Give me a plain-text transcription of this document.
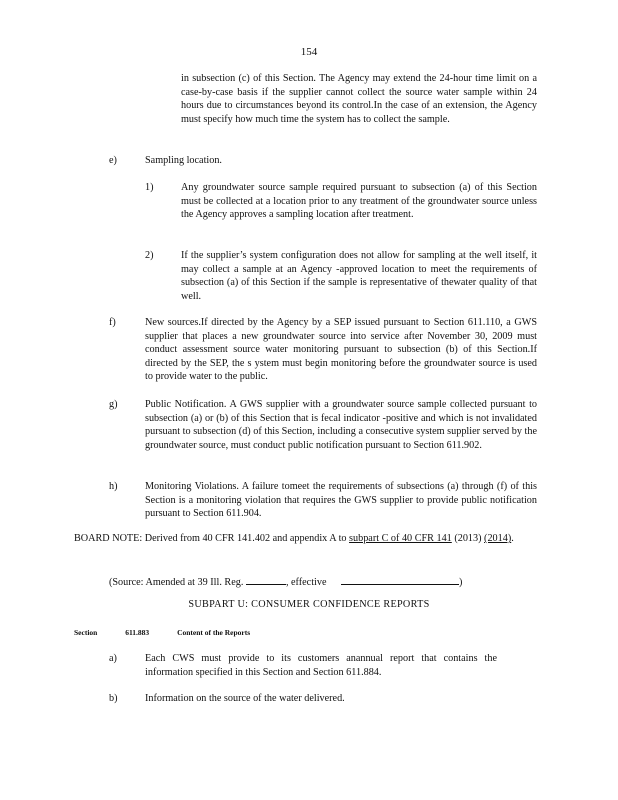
154
in subsection (c) of this Section. The Agency may extend the 24-hour time limit on a case-by-case basis if the supplier cannot collect the source water sample within 24 hours due to circumstances beyond its control.In the case of an extension, the Agency must specify how much time the system has to collect the sample.
e)	Sampling location.
1)	Any groundwater source sample required pursuant to subsection (a) of this Section must be collected at a location prior to any treatment of the groundwater source unless the Agency approves a sampling location after treatment.
2)	If the supplier’s system configuration does not allow for sampling at the well itself, it may collect a sample at an Agency -approved location to meet the requirements of subsection (a) of this Section if the sample is representative of thewater quality of that well.
f)	New sources.If directed by the Agency by a SEP issued pursuant to Section 611.110, a GWS supplier that places a new groundwater source into service after November 30, 2009 must conduct assessment source water monitoring pursuant to subsection (b) of this Section.If directed by the SEP, the s ystem must begin monitoring before the groundwater source is used to provide water to the public.
g)	Public Notification. A GWS supplier with a groundwater source sample collected pursuant to subsection (a) or (b) of this Section that is fecal indicator -positive and which is not invalidated pursuant to subsection (d) of this Section, including a consecutive system supplier served by the groundwater source, must conduct public notification pursuant to Section 611.902.
h)	Monitoring Violations. A failure tomeet the requirements of subsections (a) through (f) of this Section is a monitoring violation that requires the GWS supplier to provide public notification pursuant to Section 611.904.
BOARD NOTE: Derived from 40 CFR 141.402 and appendix A to subpart C of 40 CFR 141 (2013) (2014).
(Source: Amended at 39 Ill. Reg.	, effective	)
SUBPART U: CONSUMER CONFIDENCE REPORTS
Section	611.883	Content of the Reports
a)	Each CWS must provide to its customers anannual report that contains the information specified in this Section and Section 611.884.
b)	Information on the source of the water delivered.
